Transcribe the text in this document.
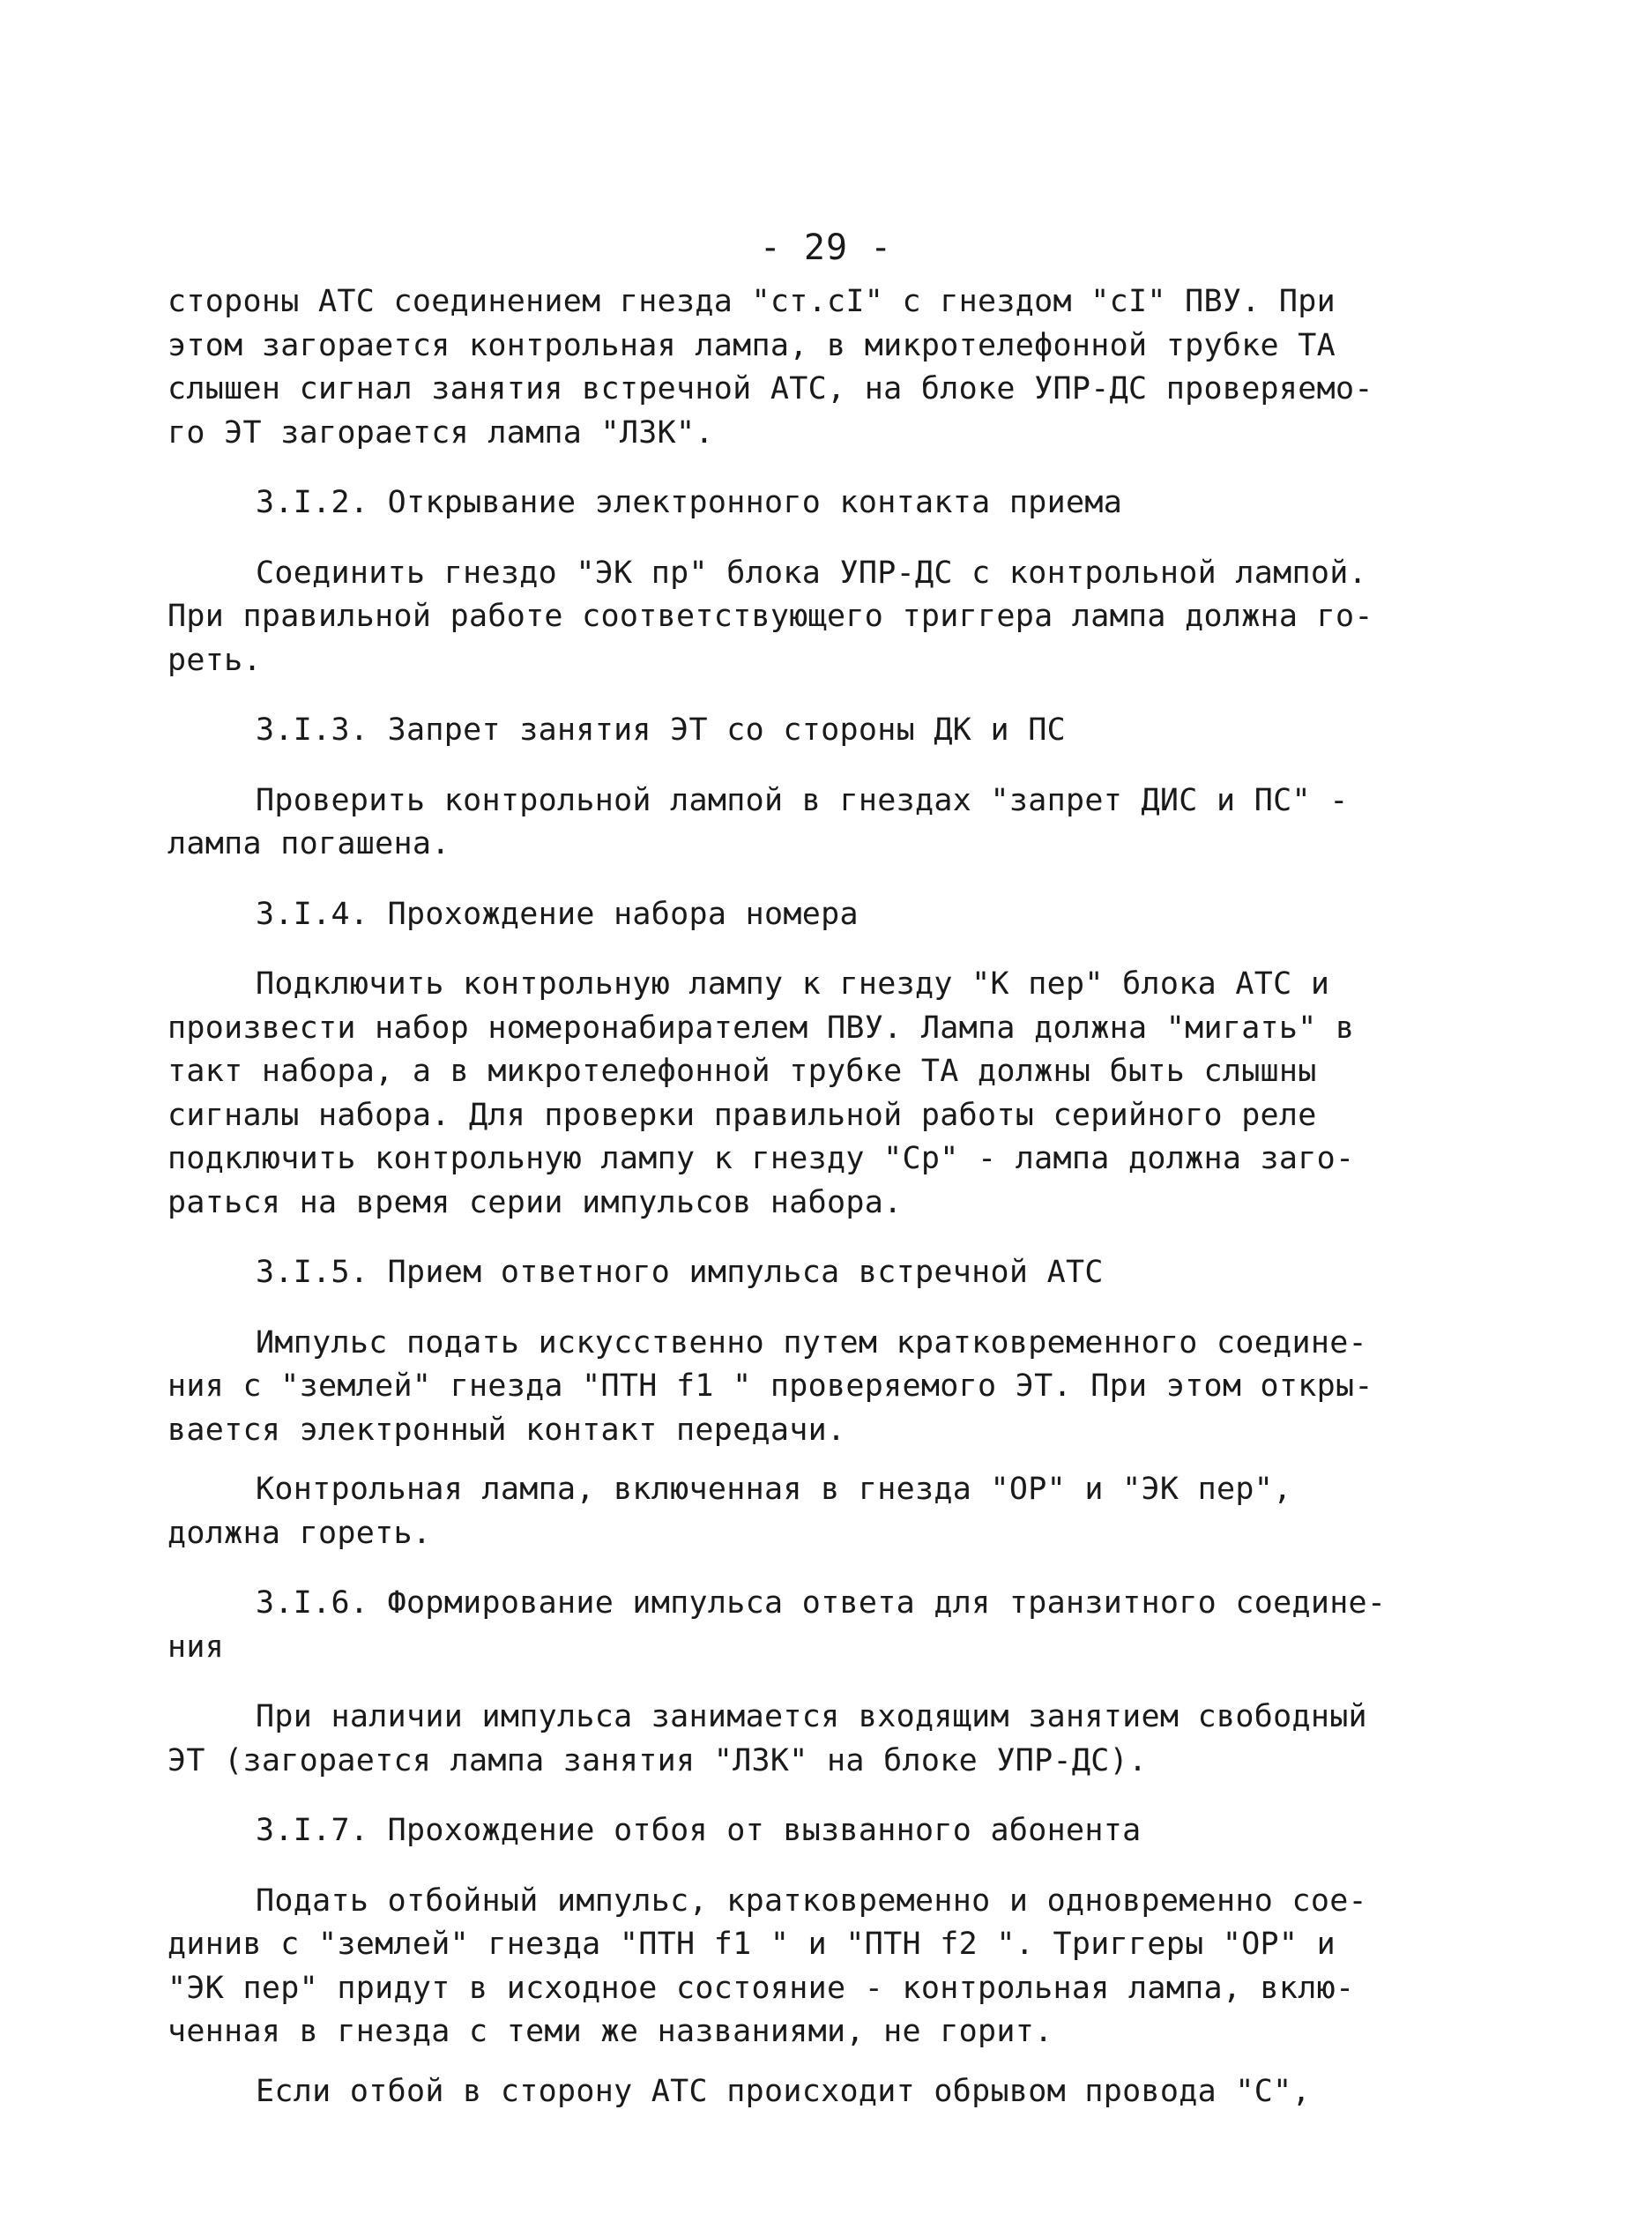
- 29 -
стороны АТС соединением гнезда "ст.сI" с гнездом "сI" ПВУ. При
этом загорается контрольная лампа, в микротелефонной трубке ТА
слышен сигнал занятия встречной АТС, на блоке УПР-ДС проверяемо-
го ЭТ загорается лампа "ЛЗК".
3.I.2. Открывание электронного контакта приема
Соединить гнездо "ЭК пр" блока УПР-ДС с контрольной лампой.
При правильной работе соответствующего триггера лампа должна го-
реть.
3.I.3. Запрет занятия ЭТ со стороны ДК и ПС
Проверить контрольной лампой в гнездах "запрет ДИС и ПС" -
лампа погашена.
3.I.4. Прохождение набора номера
Подключить контрольную лампу к гнезду "К пер" блока АТС и
произвести набор номеронабирателем ПВУ. Лампа должна "мигать" в
такт набора, а в микротелефонной трубке ТА должны быть слышны
сигналы набора. Для проверки правильной работы серийного реле
подключить контрольную лампу к гнезду "Ср" - лампа должна заго-
раться на время серии импульсов набора.
3.I.5. Прием ответного импульса встречной АТС
Импульс подать искусственно путем кратковременного соедине-
ния с "землей" гнезда "ПТН f1 " проверяемого ЭТ. При этом откры-
вается электронный контакт передачи.
Контрольная лампа, включенная в гнезда "ОР" и "ЭК пер",
должна гореть.
3.I.6. Формирование импульса ответа для транзитного соедине-
ния
При наличии импульса занимается входящим занятием свободный
ЭТ (загорается лампа занятия "ЛЗК" на блоке УПР-ДС).
3.I.7. Прохождение отбоя от вызванного абонента
Подать отбойный импульс, кратковременно и одновременно сое-
динив с "землей" гнезда "ПТН f1 " и "ПТН f2 ". Триггеры "ОР" и
"ЭК пер" придут в исходное состояние - контрольная лампа, вклю-
ченная в гнезда с теми же названиями, не горит.
Если отбой в сторону АТС происходит обрывом провода "С",
